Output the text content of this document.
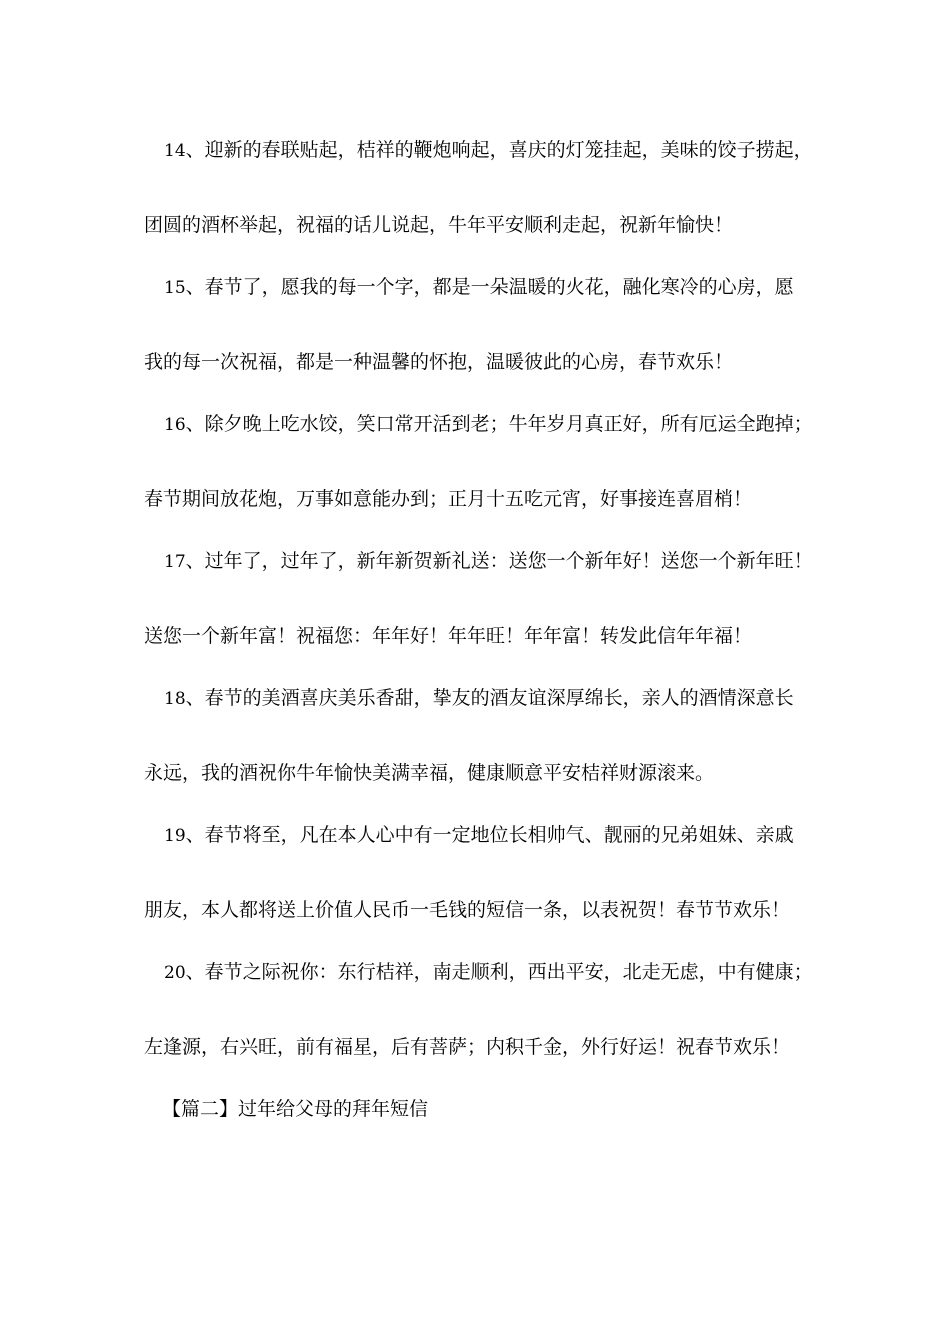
14、迎新的春联贴起，桔祥的鞭炮响起，喜庆的灯笼挂起，美味的饺子捞起，
团圆的酒杯举起，祝福的话儿说起，牛年平安顺利走起，祝新年愉快！
15、春节了，愿我的每一个字，都是一朵温暖的火花，融化寒冷的心房，愿
我的每一次祝福，都是一种温馨的怀抱，温暖彼此的心房，春节欢乐！
16、除夕晚上吃水饺，笑口常开活到老；牛年岁月真正好，所有厄运全跑掉；
春节期间放花炮，万事如意能办到；正月十五吃元宵，好事接连喜眉梢！
17、过年了，过年了，新年新贺新礼送：送您一个新年好！送您一个新年旺！
送您一个新年富！祝福您：年年好！年年旺！年年富！转发此信年年福！
18、春节的美酒喜庆美乐香甜，挚友的酒友谊深厚绵长，亲人的酒情深意长
永远，我的酒祝你牛年愉快美满幸福，健康顺意平安桔祥财源滚来。
19、春节将至，凡在本人心中有一定地位长相帅气、靓丽的兄弟姐妹、亲戚
朋友，本人都将送上价值人民币一毛钱的短信一条，以表祝贺！春节节欢乐！
20、春节之际祝你：东行桔祥，南走顺利，西出平安，北走无虑，中有健康；
左逢源，右兴旺，前有福星，后有菩萨；内积千金，外行好运！祝春节欢乐！
【篇二】过年给父母的拜年短信
